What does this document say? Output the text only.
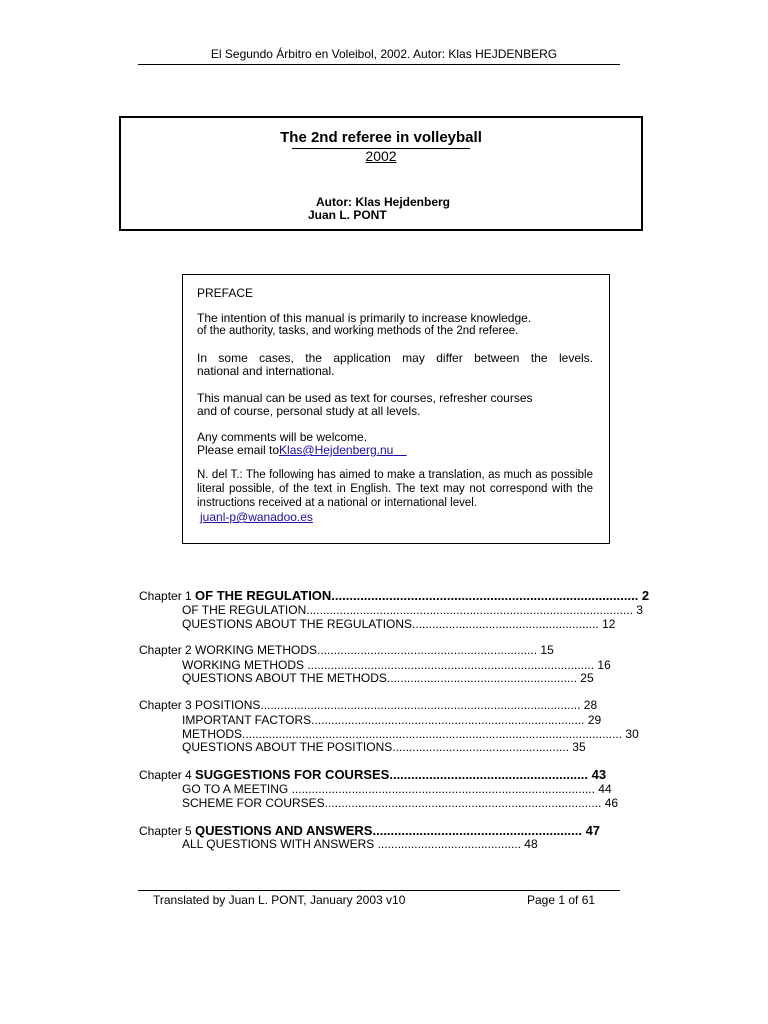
El Segundo Árbitro en Voleibol, 2002. Autor: Klas HEJDENBERG
The 2nd referee in volleyball
2002
Autor: Klas Hejdenberg
Juan L. PONT
PREFACE
The intention of this manual is primarily to increase knowledge.
of the authority, tasks, and working methods of the 2nd referee.
In some cases, the application may differ between the levels.
national and international.
This manual can be used as text for courses, refresher courses
and of course, personal study at all levels.
Any comments will be welcome.
Please email toKlas@Hejdenberg.nu
N. del T.: The following has aimed to make a translation, as much as possible
literal possible, of the text in English. The text may not correspond with the
instructions received at a national or international level.
juanl-p@wanadoo.es
Chapter 1 OF THE REGULATION..................................................................................... 2
OF THE REGULATION.................................................................................................. 3
QUESTIONS ABOUT THE REGULATIONS........................................................ 12
Chapter 2 WORKING METHODS.................................................................. 15
WORKING METHODS ...................................................................................... 16
QUESTIONS ABOUT THE METHODS......................................................... 25
Chapter 3 POSITIONS................................................................................................ 28
IMPORTANT FACTORS.................................................................................. 29
METHODS.................................................................................................................. 30
QUESTIONS ABOUT THE POSITIONS..................................................... 35
Chapter 4 SUGGESTIONS FOR COURSES....................................................... 43
GO TO A MEETING ........................................................................................... 44
SCHEME FOR COURSES................................................................................... 46
Chapter 5 QUESTIONS AND ANSWERS.......................................................... 47
ALL QUESTIONS WITH ANSWERS ........................................... 48
Translated by Juan L. PONT, January 2003 v10	Page 1 of 61
